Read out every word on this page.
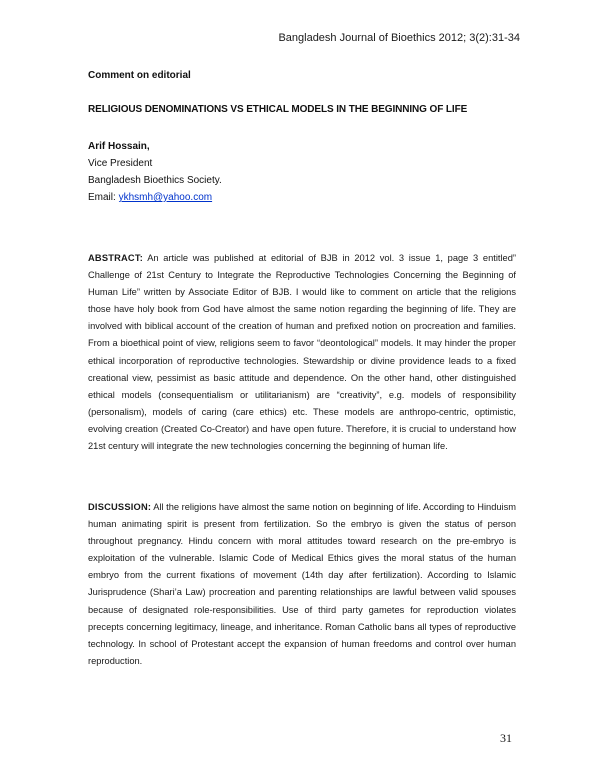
Bangladesh Journal of Bioethics 2012; 3(2):31-34
Comment on editorial
RELIGIOUS DENOMINATIONS VS ETHICAL MODELS IN THE BEGINNING OF LIFE
Arif Hossain,
Vice President
Bangladesh Bioethics Society.
Email: ykhsmh@yahoo.com

ABSTRACT: An article was published at editorial of BJB in 2012 vol. 3 issue 1, page 3 entitled” Challenge of 21st Century to Integrate the Reproductive Technologies Concerning the Beginning of Human Life” written by Associate Editor of BJB. I would like to comment on article that the religions those have holy book from God have almost the same notion regarding the beginning of life. They are involved with biblical account of the creation of human and prefixed notion on procreation and families. From a bioethical point of view, religions seem to favor “deontological” models. It may hinder the proper ethical incorporation of reproductive technologies. Stewardship or divine providence leads to a fixed creational view, pessimist as basic attitude and dependence. On the other hand, other distinguished ethical models (consequentialism or utilitarianism) are “creativity”, e.g. models of responsibility (personalism), models of caring (care ethics) etc. These models are anthropo-centric, optimistic, evolving creation (Created Co-Creator) and have open future. Therefore, it is crucial to understand how 21st century will integrate the new technologies concerning the beginning of human life.

DISCUSSION: All the religions have almost the same notion on beginning of life. According to Hinduism human animating spirit is present from fertilization. So the embryo is given the status of person throughout pregnancy. Hindu concern with moral attitudes toward research on the pre-embryo is exploitation of the vulnerable. Islamic Code of Medical Ethics gives the moral status of the human embryo from the current fixations of movement (14th day after fertilization). According to Islamic Jurisprudence (Shari’a Law) procreation and parenting relationships are lawful between valid spouses because of designated role-responsibilities. Use of third party gametes for reproduction violates precepts concerning legitimacy, lineage, and inheritance. Roman Catholic bans all types of reproductive technology. In school of Protestant accept the expansion of human freedoms and control over human reproduction.

31
